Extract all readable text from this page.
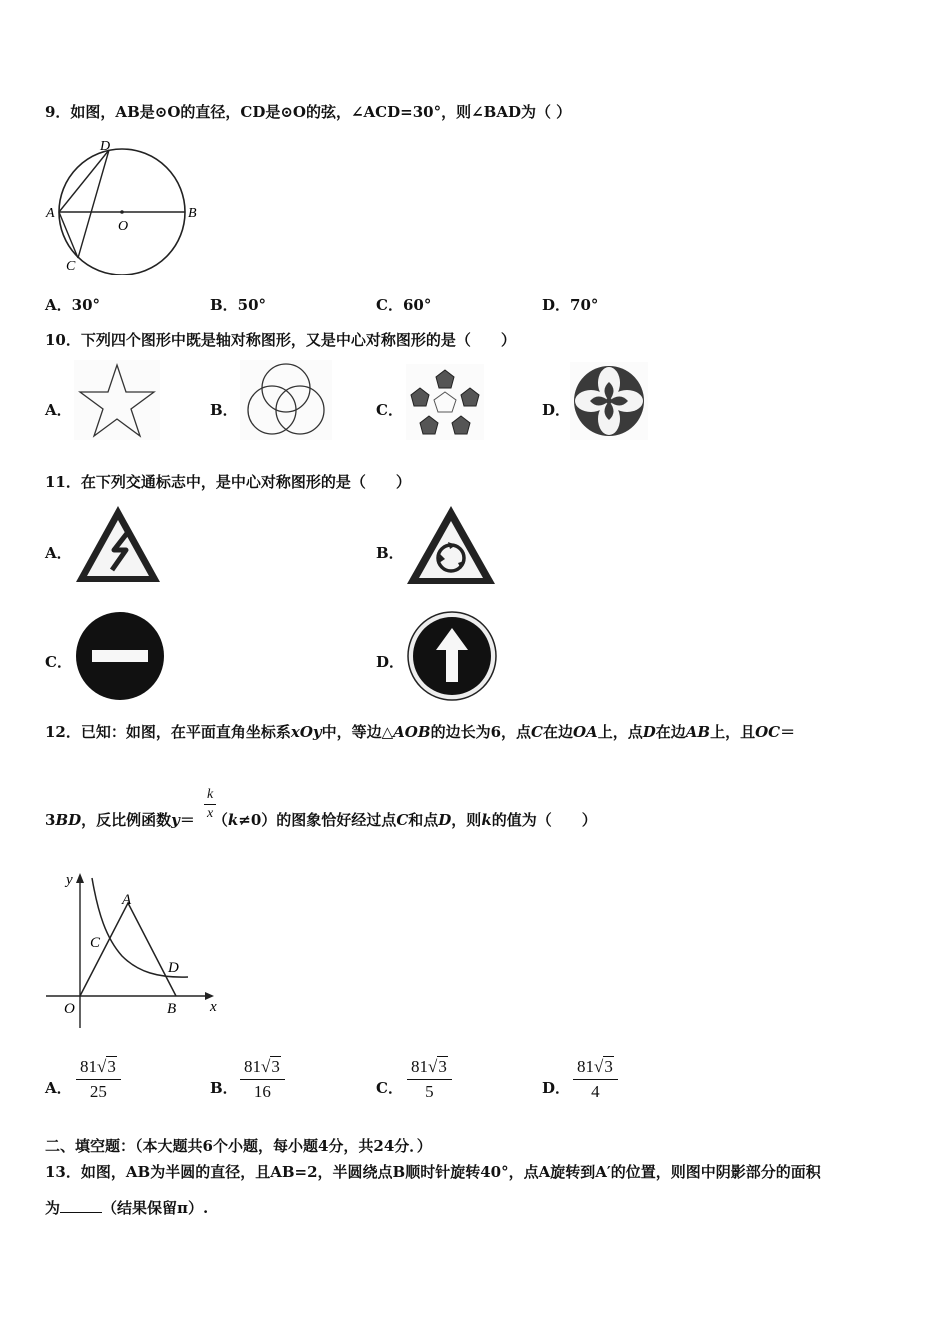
9．如图，AB是⊙O的直径，CD是⊙O的弦，∠ACD=30°，则∠BAD为（ ）
A	B
C
D
O
A．30°	B．50°	C．60°	D．70°
10．下列四个图形中既是轴对称图形，又是中心对称图形的是（　　）
A．	B．	C．	D．
11．在下列交通标志中，是中心对称图形的是（　　）
A．	B．
C．	D．
12．已知：如图，在平面直角坐标系xOy中，等边△AOB的边长为6，点C在边OA上，点D在边AB上，且OC＝
3BD，反比例函数y＝ （k≠0）的图象恰好经过点C和点D，则k的值为（　　）
$\frac{k}{x}$
y
x
O
A
B
C
D
A． $\frac{81√3}{25}$	B． $\frac{81√3}{16}$	C． $\frac{81√3}{5}$	D． $\frac{81√3}{4}$
二、填空题：（本大题共6个小题，每小题4分，共24分．）
13．如图，AB为半圆的直径，且AB=2，半圆绕点B顺时针旋转40°，点A旋转到A′的位置，则图中阴影部分的面积
为	（结果保留π）.
